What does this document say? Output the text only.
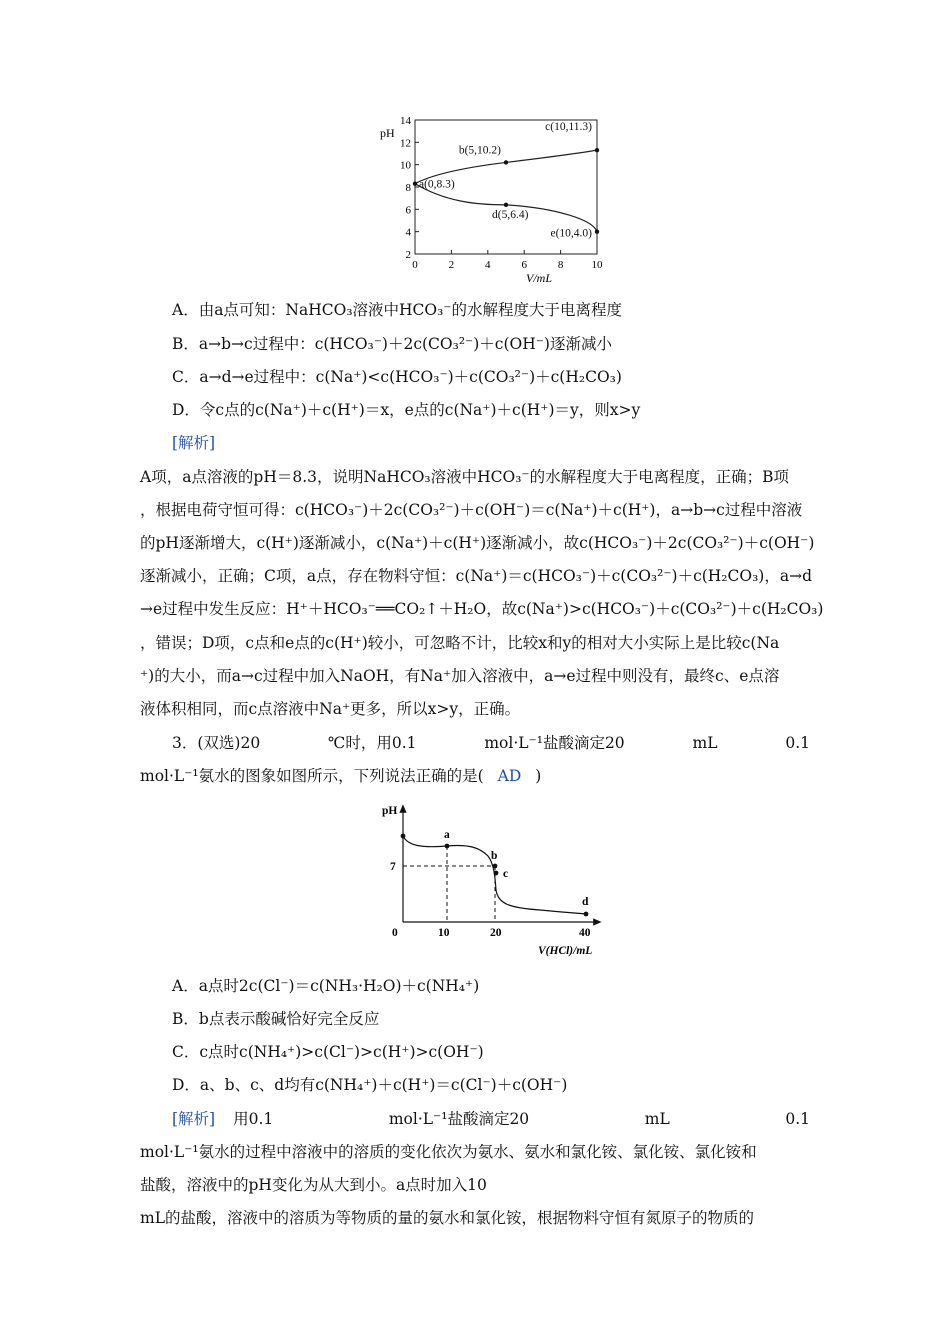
pH
V/mL
0	2	4	6	8	10
2
4
6
8
10
12
14
a(0,8.3)
b(5,10.2)
c(10,11.3)
d(5,6.4)
e(10,4.0)
A．由a点可知：NaHCO₃溶液中HCO₃⁻的水解程度大于电离程度
B．a→b→c过程中：c(HCO₃⁻)＋2c(CO₃²⁻)＋c(OH⁻)逐渐减小
C．a→d→e过程中：c(Na⁺)<c(HCO₃⁻)＋c(CO₃²⁻)＋c(H₂CO₃)
D．令c点的c(Na⁺)＋c(H⁺)＝x，e点的c(Na⁺)＋c(H⁺)＝y，则x>y
[解析]
A项，a点溶液的pH＝8.3，说明NaHCO₃溶液中HCO₃⁻的水解程度大于电离程度，正确；B项
，根据电荷守恒可得：c(HCO₃⁻)＋2c(CO₃²⁻)＋c(OH⁻)＝c(Na⁺)＋c(H⁺)，a→b→c过程中溶液
的pH逐渐增大，c(H⁺)逐渐减小，c(Na⁺)＋c(H⁺)逐渐减小，故c(HCO₃⁻)＋2c(CO₃²⁻)＋c(OH⁻)
逐渐减小，正确；C项，a点，存在物料守恒：c(Na⁺)＝c(HCO₃⁻)＋c(CO₃²⁻)＋c(H₂CO₃)，a→d
→e过程中发生反应：H⁺＋HCO₃⁻══CO₂↑＋H₂O，故c(Na⁺)>c(HCO₃⁻)＋c(CO₃²⁻)＋c(H₂CO₃)
，错误；D项，c点和e点的c(H⁺)较小，可忽略不计，比较x和y的相对大小实际上是比较c(Na
⁺)的大小，而a→c过程中加入NaOH，有Na⁺加入溶液中，a→e过程中则没有，最终c、e点溶
液体积相同，而c点溶液中Na⁺更多，所以x>y，正确。
3．(双选)20	℃时，用0.1	mol·L⁻¹盐酸滴定20	mL	0.1
mol·L⁻¹氨水的图象如图所示，下列说法正确的是( AD )
pH
V(HCl)/mL
0	10	20	40
7
a
b
c
d
A．a点时2c(Cl⁻)＝c(NH₃·H₂O)＋c(NH₄⁺)
B．b点表示酸碱恰好完全反应
C．c点时c(NH₄⁺)>c(Cl⁻)>c(H⁺)>c(OH⁻)
D．a、b、c、d均有c(NH₄⁺)＋c(H⁺)＝c(Cl⁻)＋c(OH⁻)
[解析] 用0.1	mol·L⁻¹盐酸滴定20	mL	0.1
mol·L⁻¹氨水的过程中溶液中的溶质的变化依次为氨水、氨水和氯化铵、氯化铵、氯化铵和
盐酸，溶液中的pH变化为从大到小。a点时加入10
mL的盐酸，溶液中的溶质为等物质的量的氨水和氯化铵，根据物料守恒有氮原子的物质的
